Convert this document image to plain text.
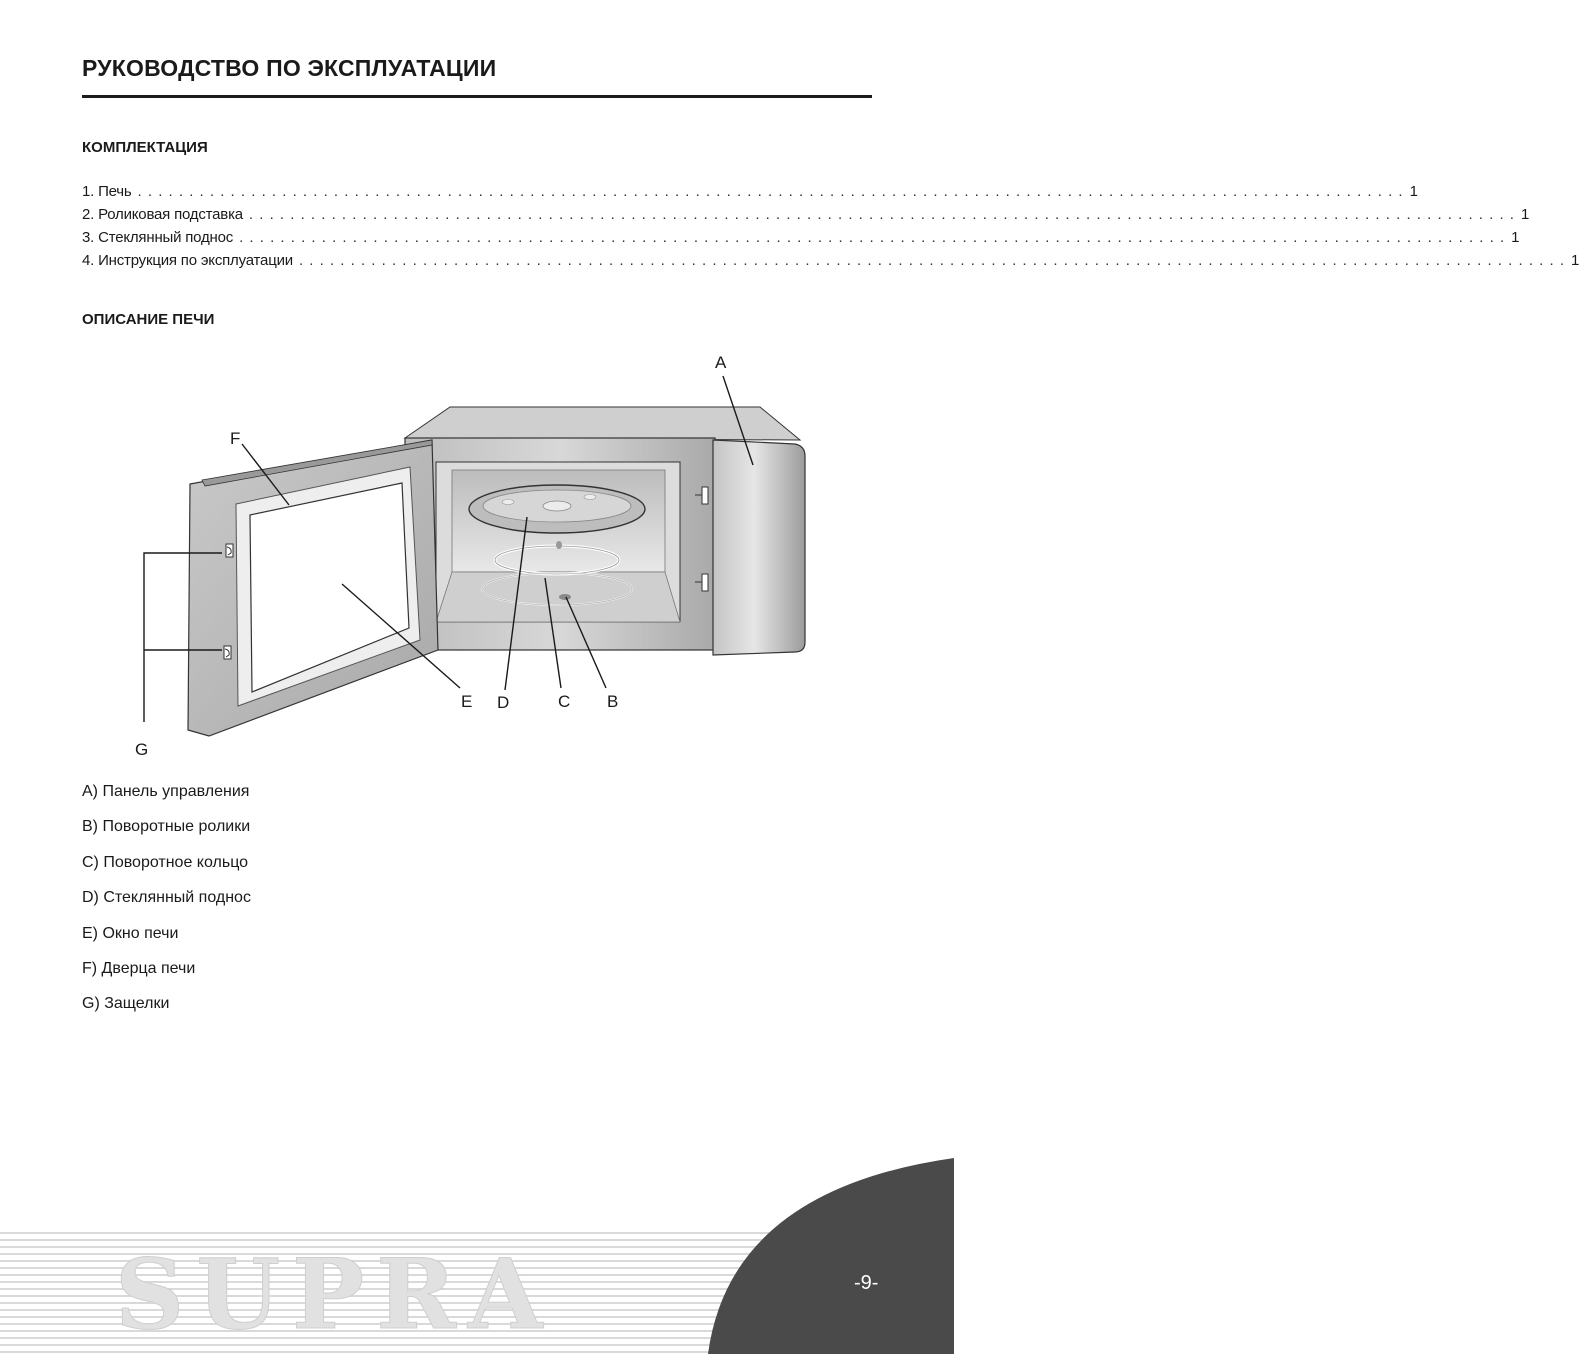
РУКОВОДСТВО ПО ЭКСПЛУАТАЦИИ
КОМПЛЕКТАЦИЯ
1. Печь . . . . . . . . . . . . . . . . . . . . . . . . . . . . . . . . . . . . . . . . . . . . . . . . . . . . . . . . . . . . . . . . . . . . . . . . . . . . . . . . . . . . . . . . . . . . . . . . . . . . . . . . . . . . . . . . . . . . . . . . . . . 1
2. Роликовая подставка . . . . . . . . . . . . . . . . . . . . . . . . . . . . . . . . . . . . . . . . . . . . . . . . . . . . . . . . . . . . . . . . . . . . . . . . . . . . . . . . . . . . . . . . . . . . . . . . . . . . . . . . . . . . . . . . . . . . . . . . . . . 1
3. Стеклянный поднос . . . . . . . . . . . . . . . . . . . . . . . . . . . . . . . . . . . . . . . . . . . . . . . . . . . . . . . . . . . . . . . . . . . . . . . . . . . . . . . . . . . . . . . . . . . . . . . . . . . . . . . . . . . . . . . . . . . . . . . . . . . 1
4. Инструкция по эксплуатации . . . . . . . . . . . . . . . . . . . . . . . . . . . . . . . . . . . . . . . . . . . . . . . . . . . . . . . . . . . . . . . . . . . . . . . . . . . . . . . . . . . . . . . . . . . . . . . . . . . . . . . . . . . . . . . . . . . . . . . . . . . 1
ОПИСАНИЕ ПЕЧИ
A
F
G
E D	C B
A) Панель управления
B) Поворотные ролики
C) Поворотное кольцо
D) Стеклянный поднос
E) Окно печи
F) Дверца печи
G) Защелки
SUPRA	-9-
